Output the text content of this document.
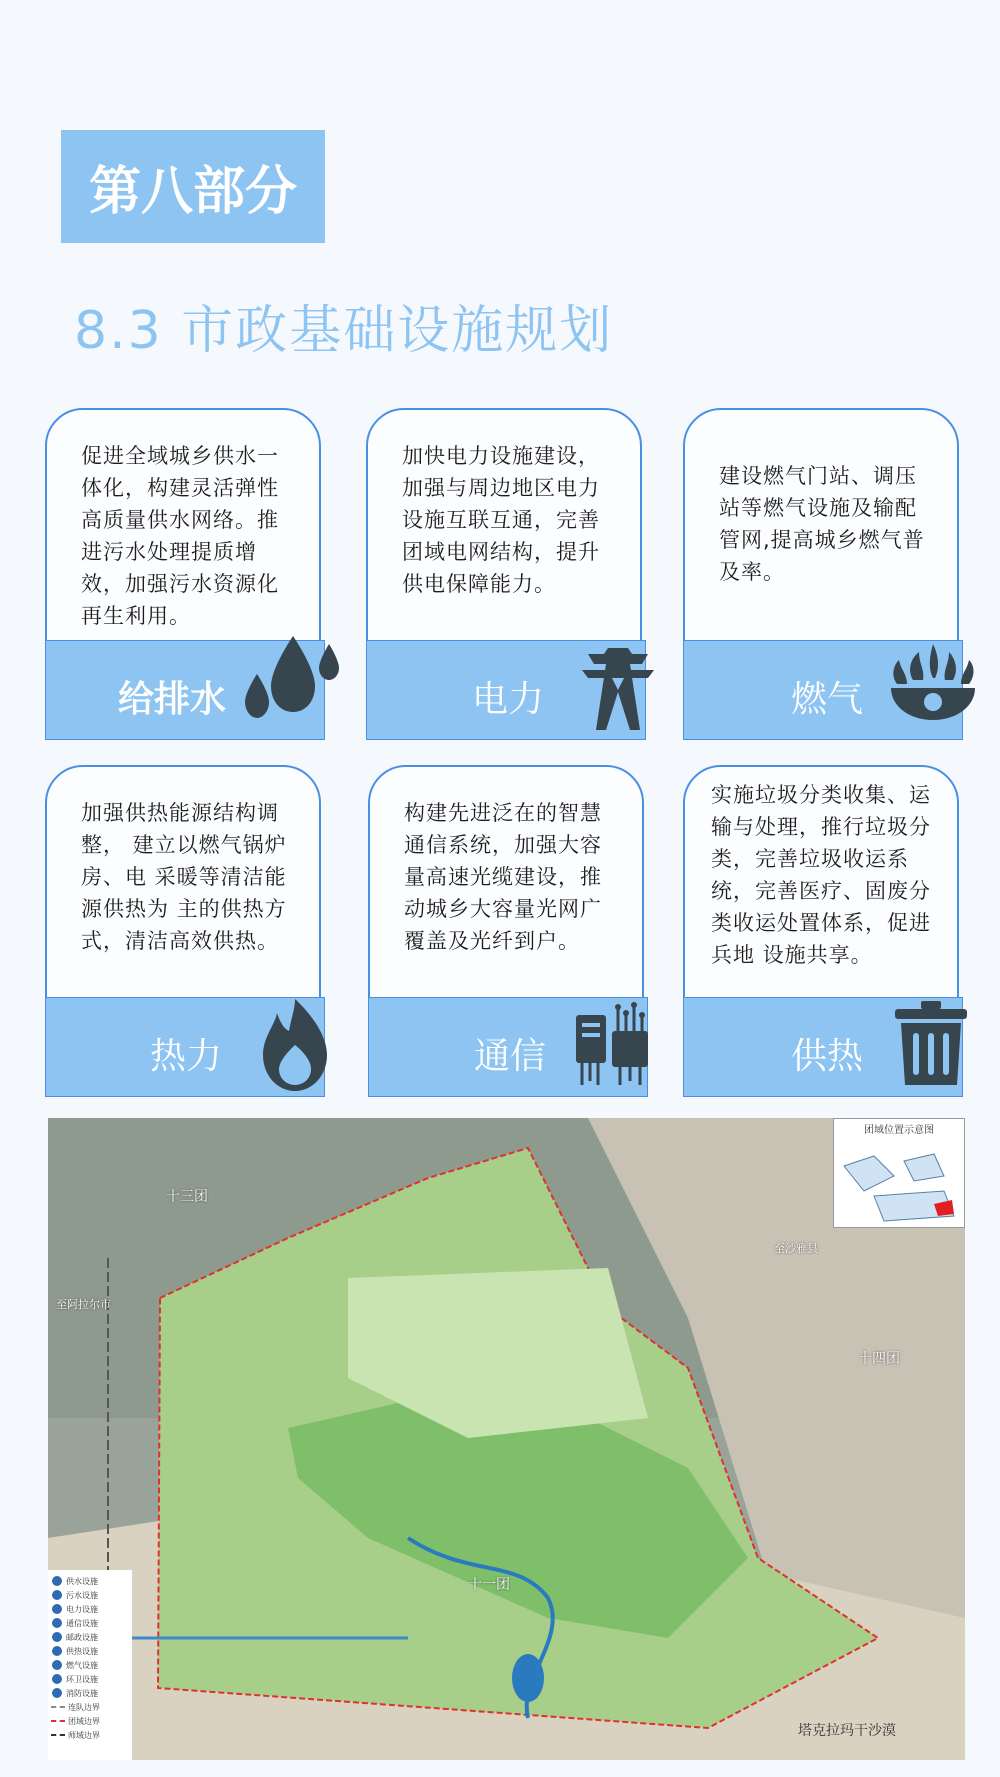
第八部分
8.3 市政基础设施规划
促进全域城乡供水一体化，构建灵活弹性高质量供水网络。推进污水处理提质增效，加强污水资源化 再生利用。
给排水
加快电力设施建设，加强与周边地区电力设施互联互通，完善团域电网结构，提升供电保障能力。
电力
建设燃气门站、调压站等燃气设施及输配管网,提高城乡燃气普及率。
燃气
加强供热能源结构调整， 建立以燃气锅炉房、电 采暖等清洁能源供热为 主的供热方式，清洁高效供热。
热力
构建先进泛在的智慧通信系统，加强大容量高速光缆建设，推动城乡大容量光网广覆盖及光纤到户。
通信
实施垃圾分类收集、运输与处理，推行垃圾分类，完善垃圾收运系统，完善医疗、固废分类收运处置体系，促进兵地 设施共享。
供热
十三团
十一团
十四团
塔克拉玛干沙漠
至沙雅县
至阿拉尔市
团域位置示意图
供水设施
污水设施
电力设施
通信设施
邮政设施
供热设施
燃气设施
环卫设施
消防设施
连队边界
团域边界
师域边界
